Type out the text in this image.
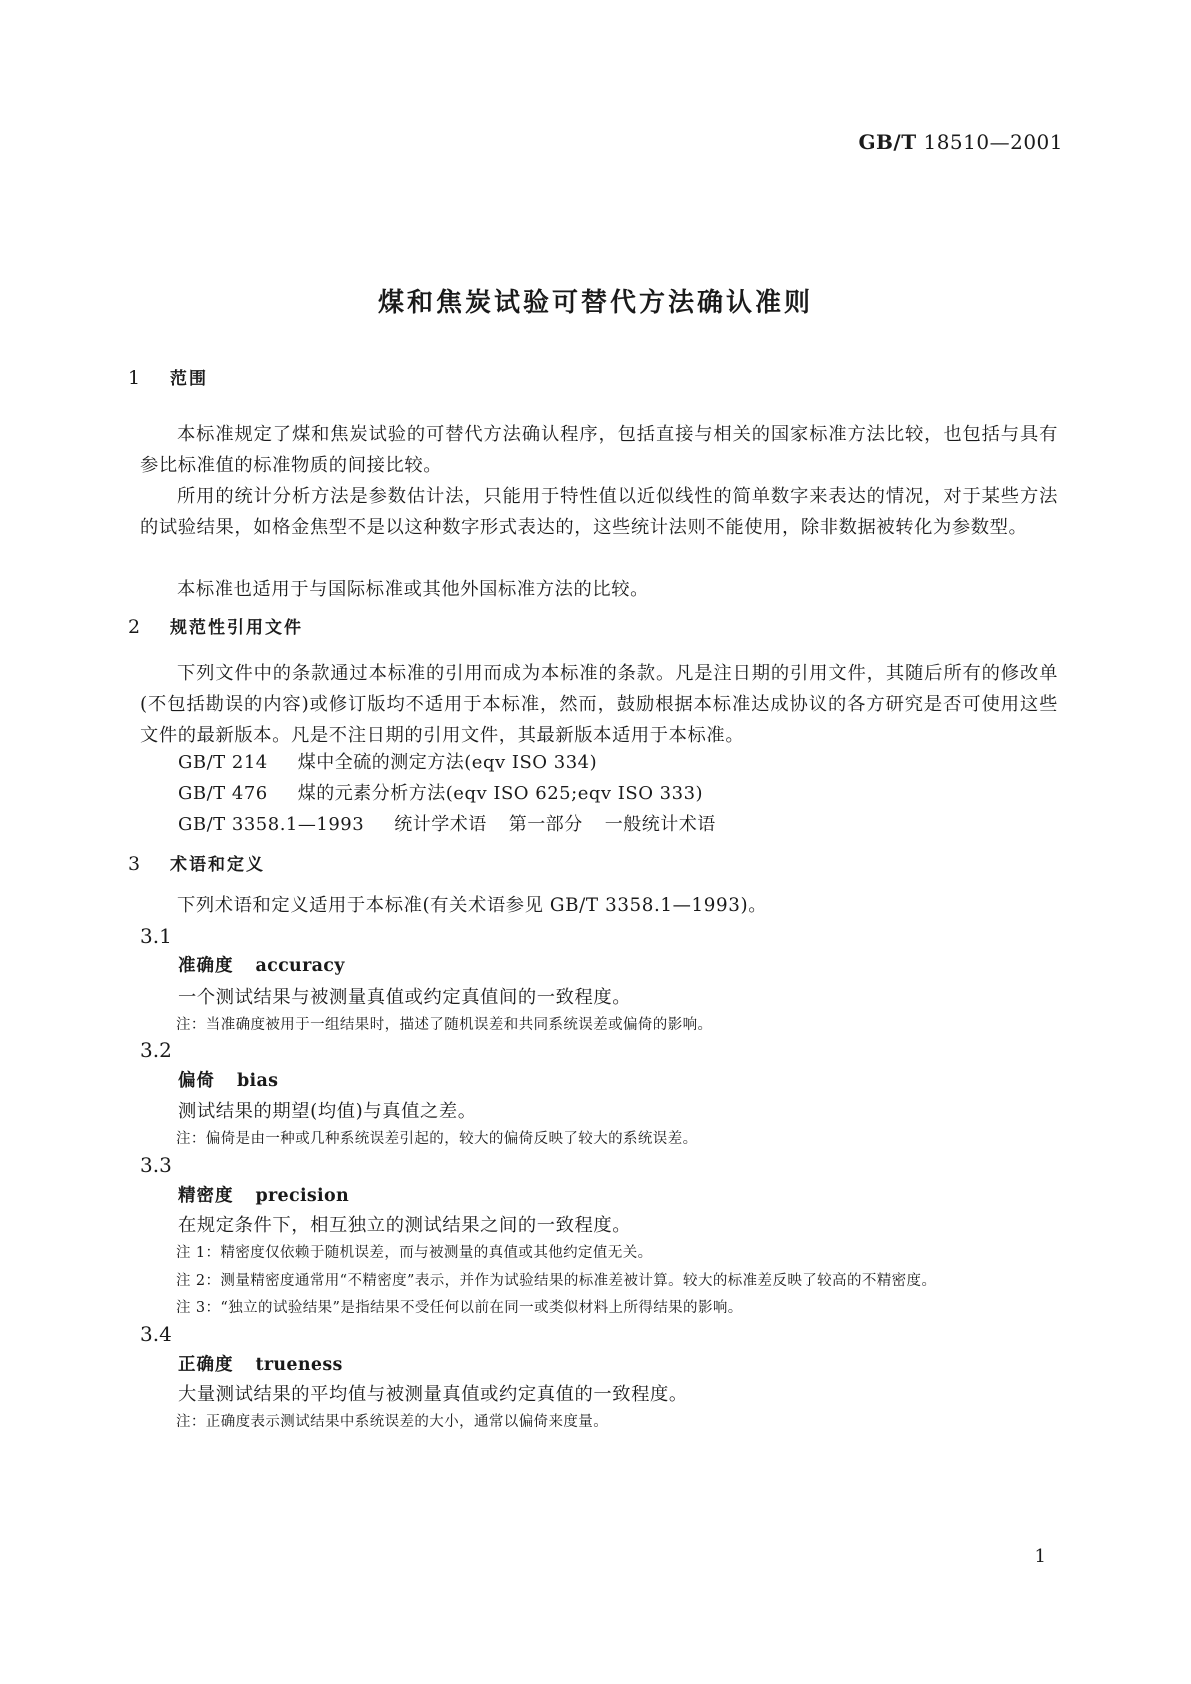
GB/T 18510—2001
煤和焦炭试验可替代方法确认准则
1 范围
本标准规定了煤和焦炭试验的可替代方法确认程序，包括直接与相关的国家标准方法比较，也包括与具有参比标准值的标准物质的间接比较。
所用的统计分析方法是参数估计法，只能用于特性值以近似线性的简单数字来表达的情况，对于某些方法的试验结果，如格金焦型不是以这种数字形式表达的，这些统计法则不能使用，除非数据被转化为参数型。
本标准也适用于与国际标准或其他外国标准方法的比较。
2 规范性引用文件
下列文件中的条款通过本标准的引用而成为本标准的条款。凡是注日期的引用文件，其随后所有的修改单(不包括勘误的内容)或修订版均不适用于本标准，然而，鼓励根据本标准达成协议的各方研究是否可使用这些文件的最新版本。凡是不注日期的引用文件，其最新版本适用于本标准。
GB/T 214 煤中全硫的测定方法(eqv ISO 334)
GB/T 476 煤的元素分析方法(eqv ISO 625;eqv ISO 333)
GB/T 3358.1—1993 统计学术语 第一部分 一般统计术语
3 术语和定义
下列术语和定义适用于本标准(有关术语参见 GB/T 3358.1—1993)。
3.1
准确度 accuracy
一个测试结果与被测量真值或约定真值间的一致程度。
注：当准确度被用于一组结果时，描述了随机误差和共同系统误差或偏倚的影响。
3.2
偏倚 bias
测试结果的期望(均值)与真值之差。
注：偏倚是由一种或几种系统误差引起的，较大的偏倚反映了较大的系统误差。
3.3
精密度 precision
在规定条件下，相互独立的测试结果之间的一致程度。
注 1：精密度仅依赖于随机误差，而与被测量的真值或其他约定值无关。
注 2：测量精密度通常用“不精密度”表示，并作为试验结果的标准差被计算。较大的标准差反映了较高的不精密度。
注 3：“独立的试验结果”是指结果不受任何以前在同一或类似材料上所得结果的影响。
3.4
正确度 trueness
大量测试结果的平均值与被测量真值或约定真值的一致程度。
注：正确度表示测试结果中系统误差的大小，通常以偏倚来度量。
1
